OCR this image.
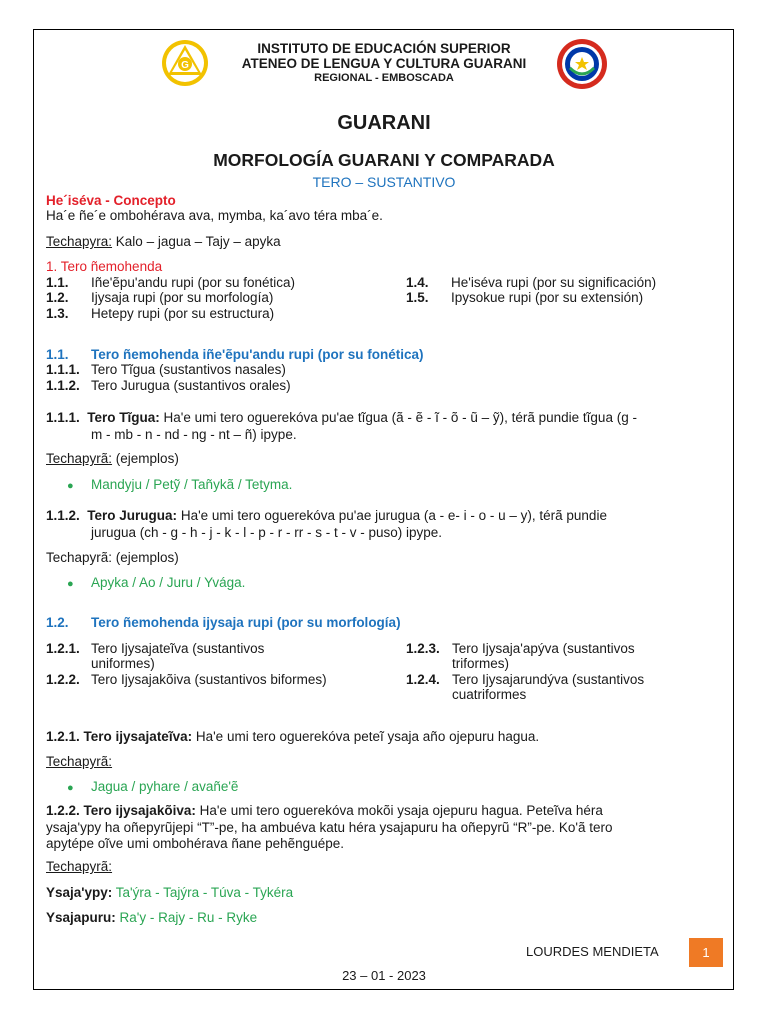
G
INSTITUTO DE EDUCACIÓN SUPERIOR
ATENEO DE LENGUA Y CULTURA GUARANI
REGIONAL - EMBOSCADA
GUARANI
MORFOLOGÍA GUARANI Y COMPARADA
TERO – SUSTANTIVO
He´iséva - Concepto
Ha´e ñe´e ombohérava ava, mymba, ka´avo téra mba´e.
Techapyra: Kalo – jagua – Tajy – apyka
1. Tero ñemohenda
1.1. Iñe'ẽpu'andu rupi (por su fonética)
1.2. Ijysaja rupi (por su morfología)
1.3. Hetepy rupi (por su estructura)
1.4. He'iséva rupi (por su significación)
1.5. Ipysokue rupi (por su extensión)
1.1.      Tero ñemohenda iñe'ẽpu'andu rupi (por su fonética)
1.1.1. Tero Tĩgua (sustantivos nasales)
1.1.2. Tero Jurugua (sustantivos orales)
1.1.1. Tero Tĩgua: Ha'e umi tero oguerekóva pu'ae tĩgua (ã - ẽ - ĩ - õ - ũ – ỹ), térã pundie tĩgua (g -
m - mb - n - nd - ng - nt – ñ) ipype.
Techapyrã: (ejemplos)
● Mandyju / Petỹ / Tañykã / Tetyma.
1.1.2. Tero Jurugua: Ha'e umi tero oguerekóva pu'ae jurugua (a - e- i - o - u – y), térã pundie
jurugua (ch - g - h - j - k - l - p - r - rr - s - t - v - puso) ipype.
Techapyrã: (ejemplos)
● Apyka / Ao / Juru / Yvága.
1.2.      Tero ñemohenda ijysaja rupi (por su morfología)
1.2.1. Tero Ijysajateĩva (sustantivos
uniformes)
1.2.2. Tero Ijysajakõiva (sustantivos biformes)
1.2.3. Tero Ijysaja'apýva (sustantivos
triformes)
1.2.4. Tero Ijysajarundýva (sustantivos
cuatriformes
1.2.1. Tero ijysajateĩva: Ha'e umi tero oguerekóva peteĩ ysaja año ojepuru hagua.
Techapyrã:
● Jagua / pyhare / avañe'ẽ
1.2.2. Tero ijysajakõiva: Ha'e umi tero oguerekóva mokõi ysaja ojepuru hagua. Peteĩva héra
ysaja'ypy ha oñepyrũjepi “T”-pe, ha ambuéva katu héra ysajapuru ha oñepyrũ “R”-pe. Ko'ã tero
apytépe oĩve umi ombohérava ñane pehẽnguépe.
Techapyrã:
Ysaja'ypy: Ta'ýra - Tajýra - Túva - Tykéra
Ysajapuru: Ra'y - Rajy - Ru - Ryke
LOURDES MENDIETA	1
23 – 01 - 2023
